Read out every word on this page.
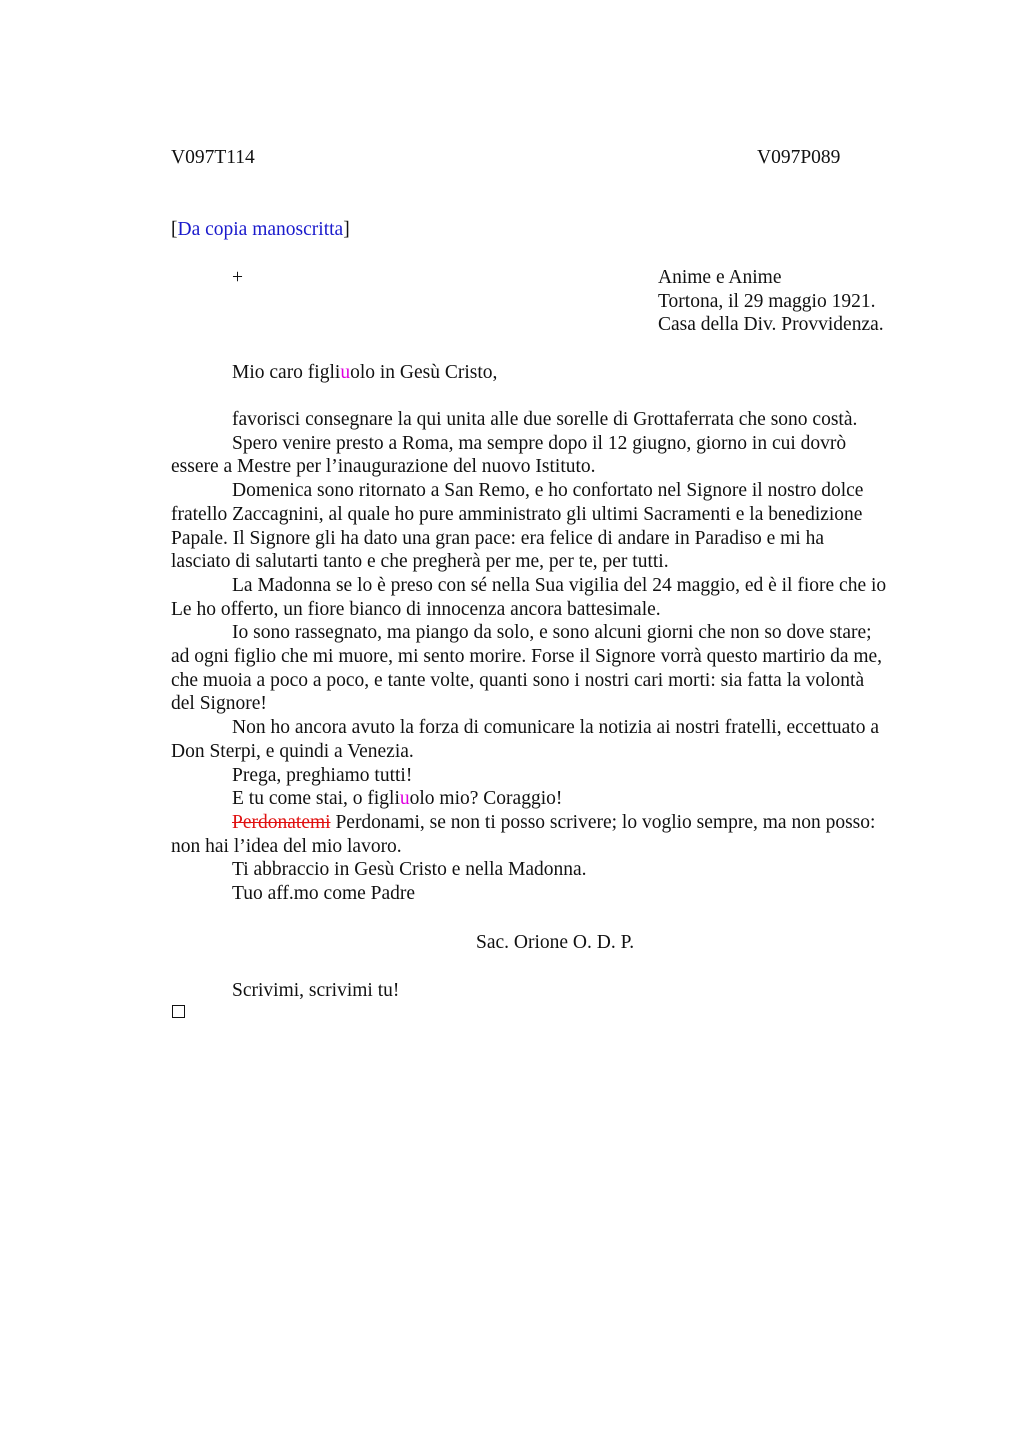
V097T114	V097P089
[Da copia manoscritta]
+	Anime e Anime
Tortona, il 29 maggio 1921.
Casa della Div. Provvidenza.
Mio caro figliuolo in Gesù Cristo,

favorisci consegnare la qui unita alle due sorelle di Grottaferrata che sono costà.

Spero venire presto a Roma, ma sempre dopo il 12 giugno, giorno in cui dovrò
essere a Mestre per l’inaugurazione del nuovo Istituto.

Domenica sono ritornato a San Remo, e ho confortato nel Signore il nostro dolce
fratello Zaccagnini, al quale ho pure amministrato gli ultimi Sacramenti e la benedizione
Papale. Il Signore gli ha dato una gran pace: era felice di andare in Paradiso e mi ha
lasciato di salutarti tanto e che pregherà per me, per te, per tutti.

La Madonna se lo è preso con sé nella Sua vigilia del 24 maggio, ed è il fiore che io
Le ho offerto, un fiore bianco di innocenza ancora battesimale.

Io sono rassegnato, ma piango da solo, e sono alcuni giorni che non so dove stare;
ad ogni figlio che mi muore, mi sento morire. Forse il Signore vorrà questo martirio da me,
che muoia a poco a poco, e tante volte, quanti sono i nostri cari morti: sia fatta la volontà
del Signore!

Non ho ancora avuto la forza di comunicare la notizia ai nostri fratelli, eccettuato a
Don Sterpi, e quindi a Venezia.

Prega, preghiamo tutti!

E tu come stai, o figliuolo mio? Coraggio!

Perdonatemi Perdonami, se non ti posso scrivere; lo voglio sempre, ma non posso:
non hai l’idea del mio lavoro.

Ti abbraccio in Gesù Cristo e nella Madonna.

Tuo aff.mo come Padre

Sac. Orione O. D. P.
Scrivimi, scrivimi tu!
